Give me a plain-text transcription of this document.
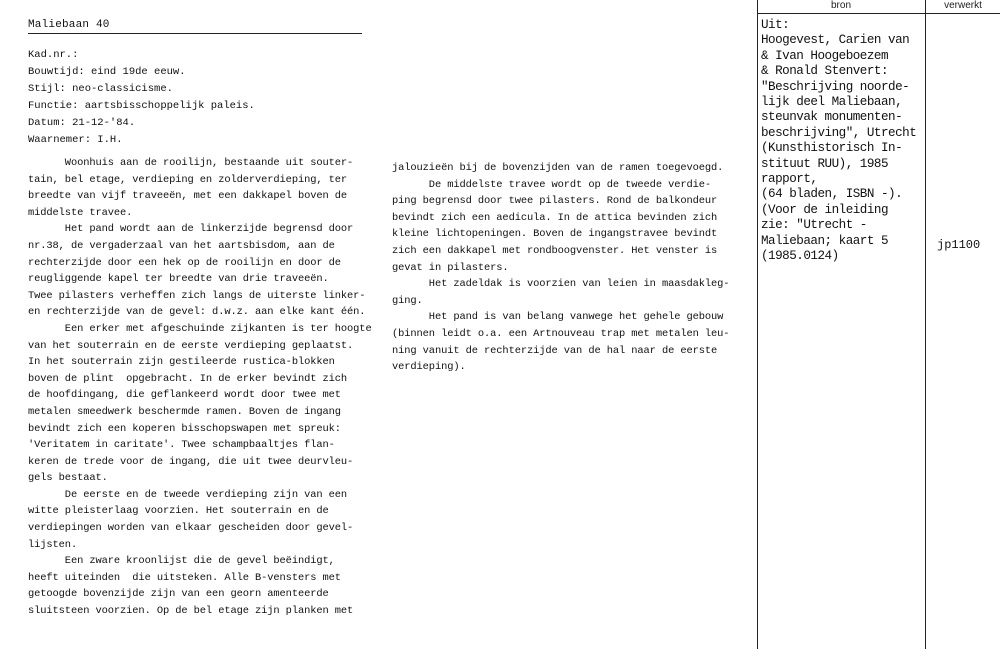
Maliebaan 40
Kad.nr.:
Bouwtijd: eind 19de eeuw.
Stijl: neo-classicisme.
Functie: aartsbisschoppelijk paleis.
Datum: 21-12-'84.
Waarnemer: I.H.

Woonhuis aan de rooilijn, bestaande uit souter-

tain, bel etage, verdieping en zolderverdieping, ter

breedte van vijf traveeën, met een dakkapel boven de

middelste travee.

Het pand wordt aan de linkerzijde begrensd door

nr.38, de vergaderzaal van het aartsbisdom, aan de

rechterzijde door een hek op de rooilijn en door de

reugliggende kapel ter breedte van drie traveeën.

Twee pilasters verheffen zich langs de uiterste linker-

en rechterzijde van de gevel: d.w.z. aan elke kant één.

Een erker met afgeschuinde zijkanten is ter hoogte

van het souterrain en de eerste verdieping geplaatst.

In het souterrain zijn gestileerde rustica-blokken

boven de plint  opgebracht. In de erker bevindt zich

de hoofdingang, die geflankeerd wordt door twee met

metalen smeedwerk beschermde ramen. Boven de ingang

bevindt zich een koperen bisschopswapen met spreuk:

'Veritatem in caritate'. Twee schampbaaltjes flan-

keren de trede voor de ingang, die uit twee deurvleu-

gels bestaat.

De eerste en de tweede verdieping zijn van een

witte pleisterlaag voorzien. Het souterrain en de

verdiepingen worden van elkaar gescheiden door gevel-

lijsten.

Een zware kroonlijst die de gevel beëindigt,

heeft uiteinden  die uitsteken. Alle B-vensters met

getoogde bovenzijde zijn van een georn amenteerde

sluitsteen voorzien. Op de bel etage zijn planken met

jalouzieën bij de bovenzijden van de ramen toegevoegd.

De middelste travee wordt op de tweede verdie-

ping begrensd door twee pilasters. Rond de balkondeur

bevindt zich een aedicula. In de attica bevinden zich

kleine lichtopeningen. Boven de ingangstravee bevindt

zich een dakkapel met rondboogvenster. Het venster is

gevat in pilasters.

Het zadeldak is voorzien van leien in maasdakleg-

ging.

Het pand is van belang vanwege het gehele gebouw

(binnen leidt o.a. een Artnouveau trap met metalen leu-

ning vanuit de rechterzijde van de hal naar de eerste

verdieping).

bron	verwerkt
Uit:
Hoogevest, Carien van
& Ivan Hoogeboezem
& Ronald Stenvert:
"Beschrijving noorde-
lijk deel Maliebaan,
steunvak monumenten-
beschrijving", Utrecht
(Kunsthistorisch In-
stituut RUU), 1985
rapport,
(64 bladen, ISBN -).
(Voor de inleiding
zie: "Utrecht -
Maliebaan; kaart 5
(1985.0124)
jp1100
